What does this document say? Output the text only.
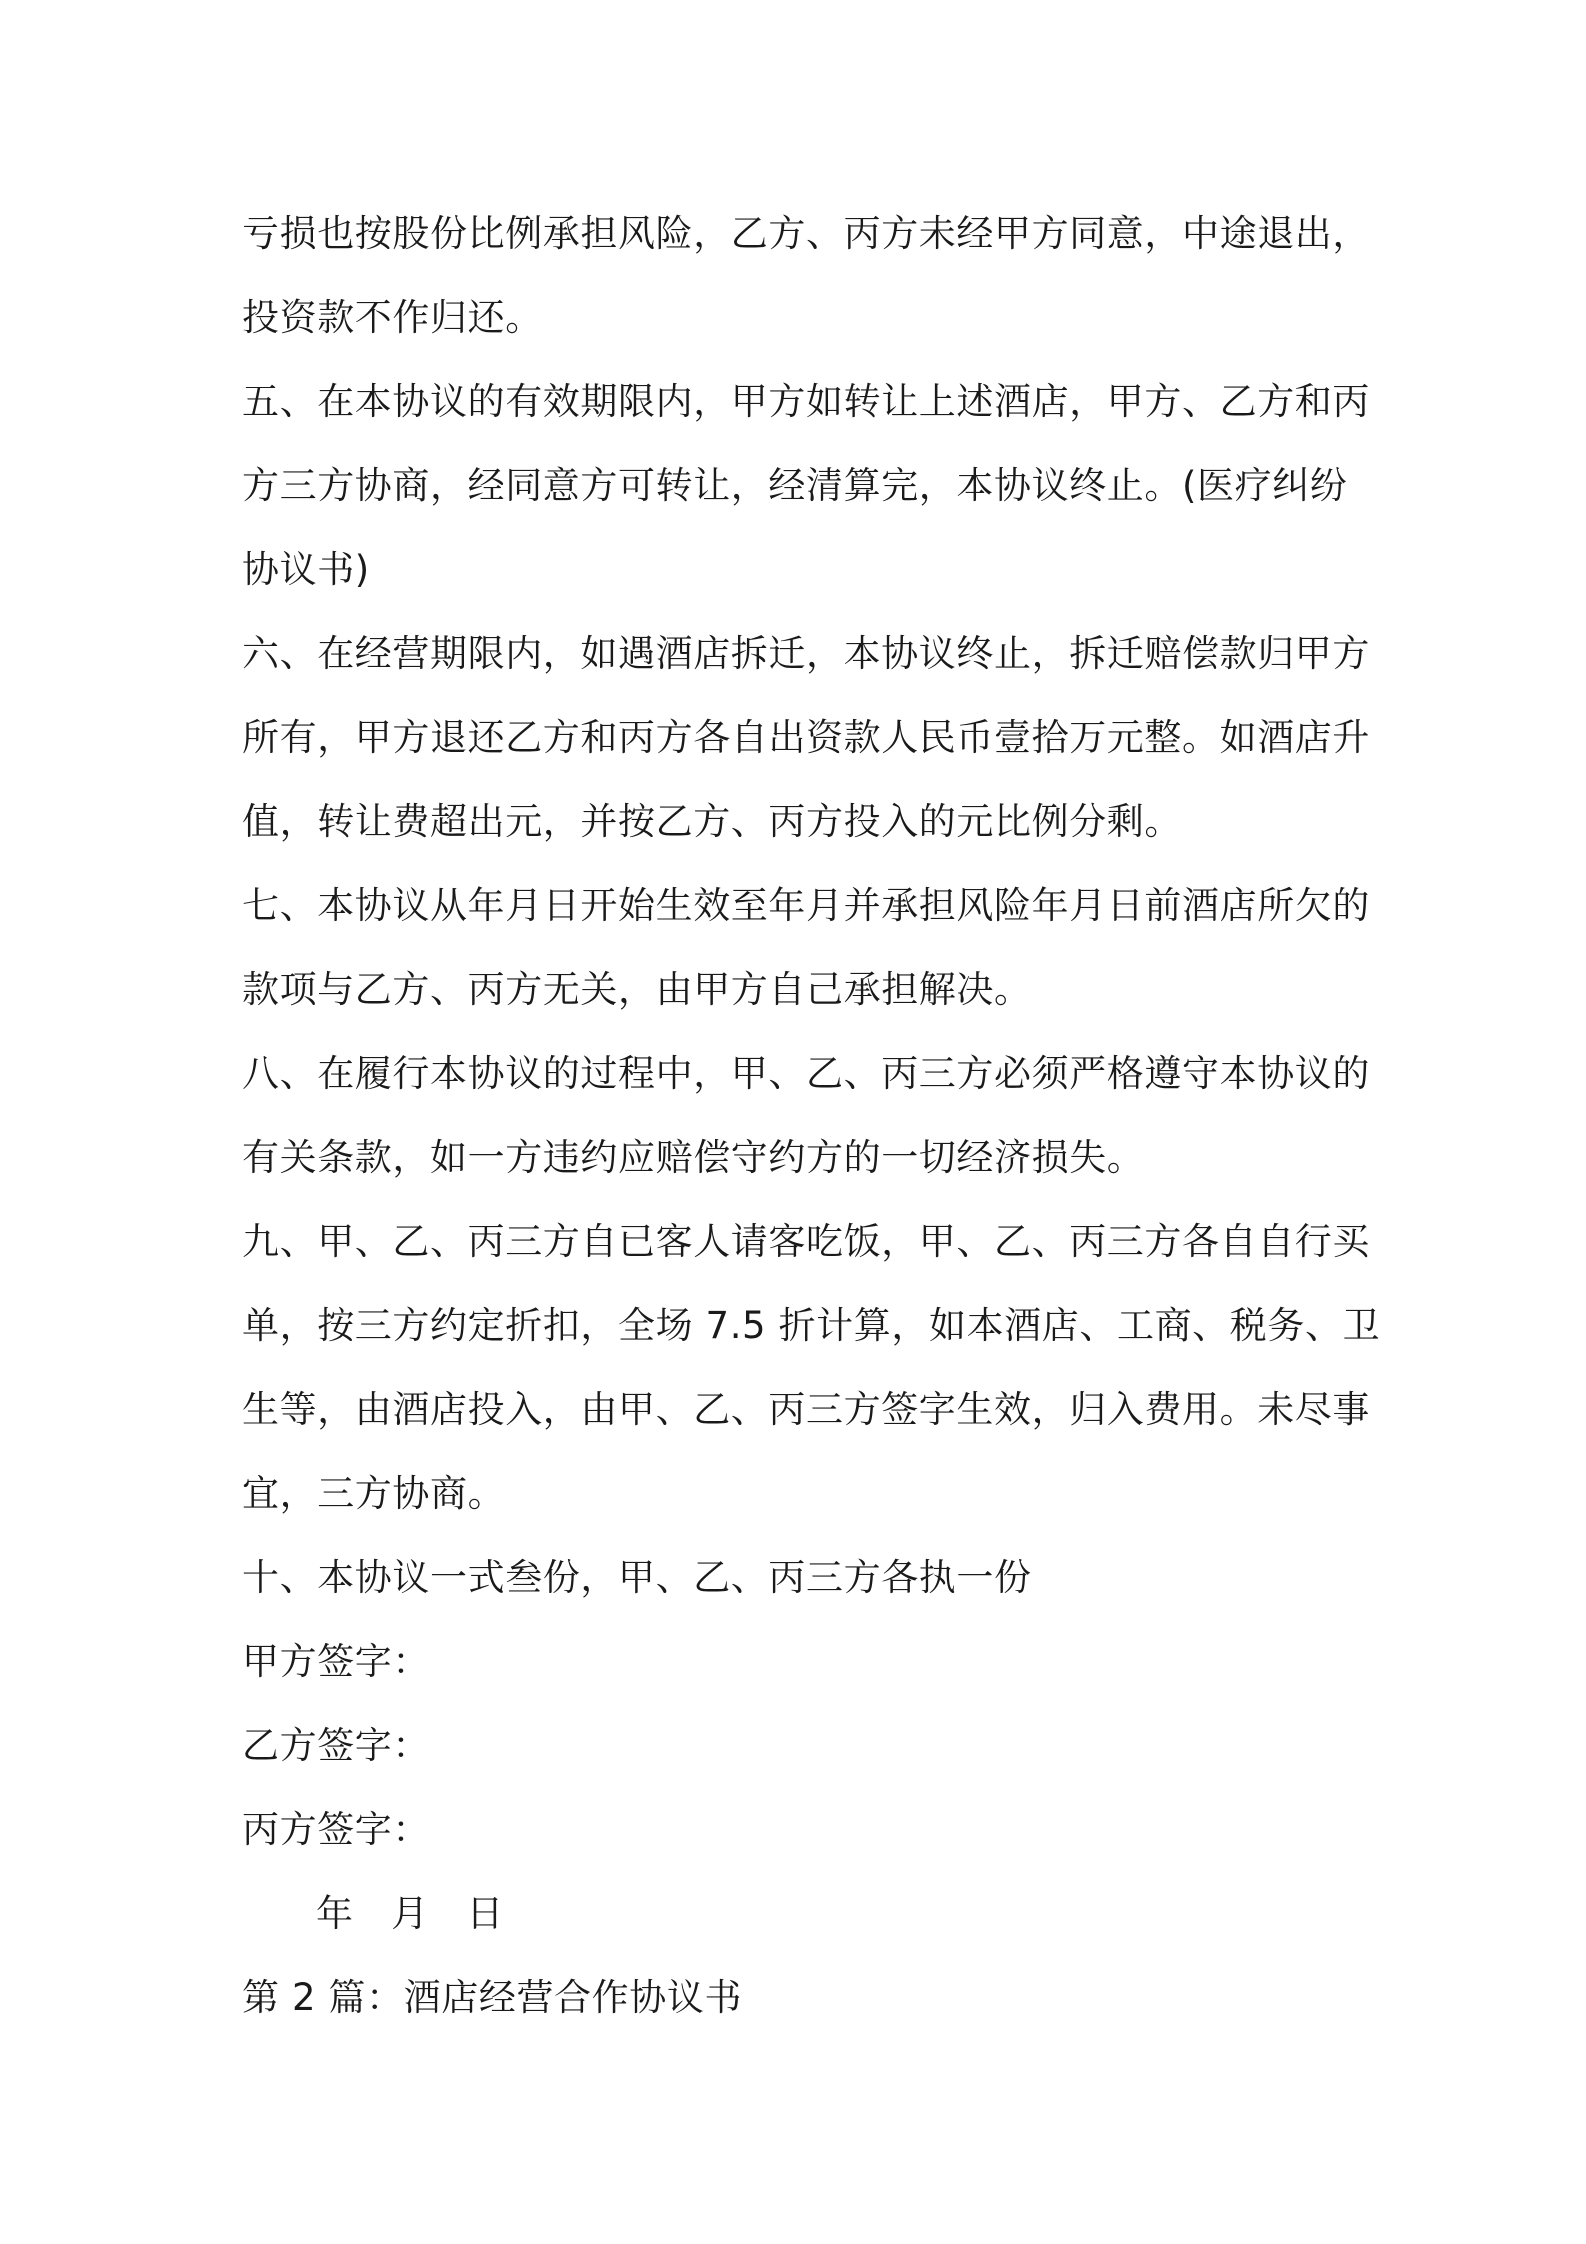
亏损也按股份比例承担风险，乙方、丙方未经甲方同意，中途退出，
投资款不作归还。
五、在本协议的有效期限内，甲方如转让上述酒店，甲方、乙方和丙
方三方协商，经同意方可转让，经清算完，本协议终止。(医疗纠纷
协议书)
六、在经营期限内，如遇酒店拆迁，本协议终止，拆迁赔偿款归甲方
所有，甲方退还乙方和丙方各自出资款人民币壹拾万元整。如酒店升
值，转让费超出元，并按乙方、丙方投入的元比例分剩。
七、本协议从年月日开始生效至年月并承担风险年月日前酒店所欠的
款项与乙方、丙方无关，由甲方自己承担解决。
八、在履行本协议的过程中，甲、乙、丙三方必须严格遵守本协议的
有关条款，如一方违约应赔偿守约方的一切经济损失。
九、甲、乙、丙三方自已客人请客吃饭，甲、乙、丙三方各自自行买
单，按三方约定折扣，全场 7.5 折计算，如本酒店、工商、税务、卫
生等，由酒店投入，由甲、乙、丙三方签字生效，归入费用。未尽事
宜，三方协商。
十、本协议一式叁份，甲、乙、丙三方各执一份
甲方签字：
乙方签字：
丙方签字：
年　月　日
第 2 篇：酒店经营合作协议书
